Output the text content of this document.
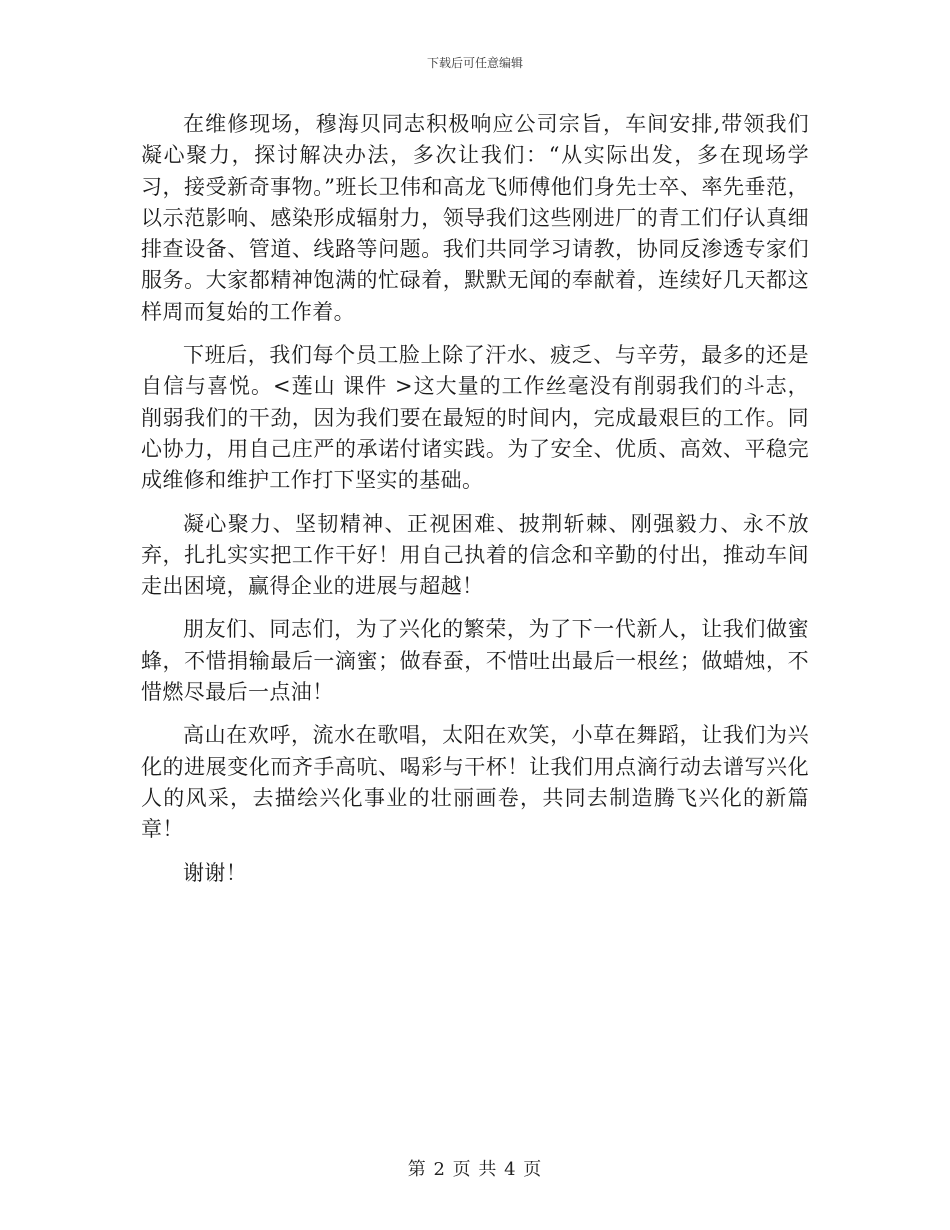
下载后可任意编辑

在维修现场，穆海贝同志积极响应公司宗旨，车间安排,带领我们凝心聚力，探讨解决办法，多次让我们：“从实际出发，多在现场学习，接受新奇事物。”班长卫伟和高龙飞师傅他们身先士卒、率先垂范，以示范影响、感染形成辐射力，领导我们这些刚进厂的青工们仔认真细排查设备、管道、线路等问题。我们共同学习请教，协同反渗透专家们服务。大家都精神饱满的忙碌着，默默无闻的奉献着，连续好几天都这样周而复始的工作着。

下班后，我们每个员工脸上除了汗水、疲乏、与辛劳，最多的还是自信与喜悦。<莲山 课件 >这大量的工作丝毫没有削弱我们的斗志，削弱我们的干劲，因为我们要在最短的时间内，完成最艰巨的工作。同心协力，用自己庄严的承诺付诸实践。为了安全、优质、高效、平稳完成维修和维护工作打下坚实的基础。

凝心聚力、坚韧精神、正视困难、披荆斩棘、刚强毅力、永不放弃，扎扎实实把工作干好！用自己执着的信念和辛勤的付出，推动车间走出困境，赢得企业的进展与超越！

朋友们、同志们，为了兴化的繁荣，为了下一代新人，让我们做蜜蜂，不惜捐输最后一滴蜜；做春蚕，不惜吐出最后一根丝；做蜡烛，不惜燃尽最后一点油！

高山在欢呼，流水在歌唱，太阳在欢笑，小草在舞蹈，让我们为兴化的进展变化而齐手高吭、喝彩与干杯！让我们用点滴行动去谱写兴化人的风采，去描绘兴化事业的壮丽画卷，共同去制造腾飞兴化的新篇章！

谢谢！

第 2 页 共 4 页
